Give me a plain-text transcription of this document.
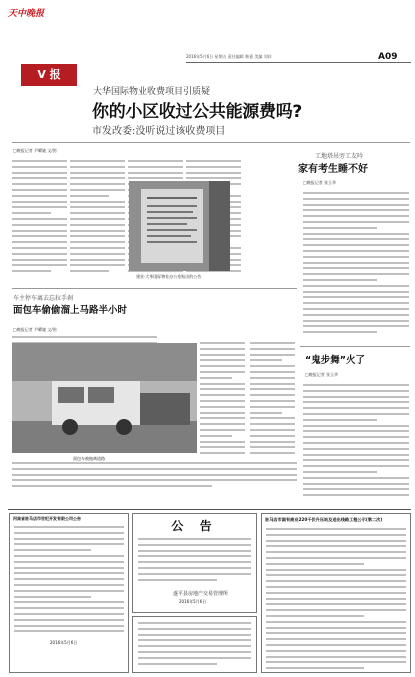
天中晚报
2016年5月6日 星期五 责任编辑 韩嘉 美编 刘祥	A09
V 报
大华国际物业收费项目引质疑
你的小区收过公共能源费吗?
市发改委:没听说过该收费项目
□晚报记者 尹曜婕 文/图
建业·大华国际物业办公室贴出的公告
工地塔吊旁工友吟
家有考生睡不好
□晚报记者 张玉华
车主停车离去忘拉手刹
面包车偷偷溜上马路半小时
□晚报记者 尹曜婕 文/图
面包车被拖离道路
“鬼步舞”火了
□晚报记者 张玉华
河南省驻马店市世纪开发有限公司公告
2016年5月6日
公 告
遂平县房地产交易管理所
2016年5月6日
驻马店市国有商业220千伏升压站及送出线路工程公示(第二次)
